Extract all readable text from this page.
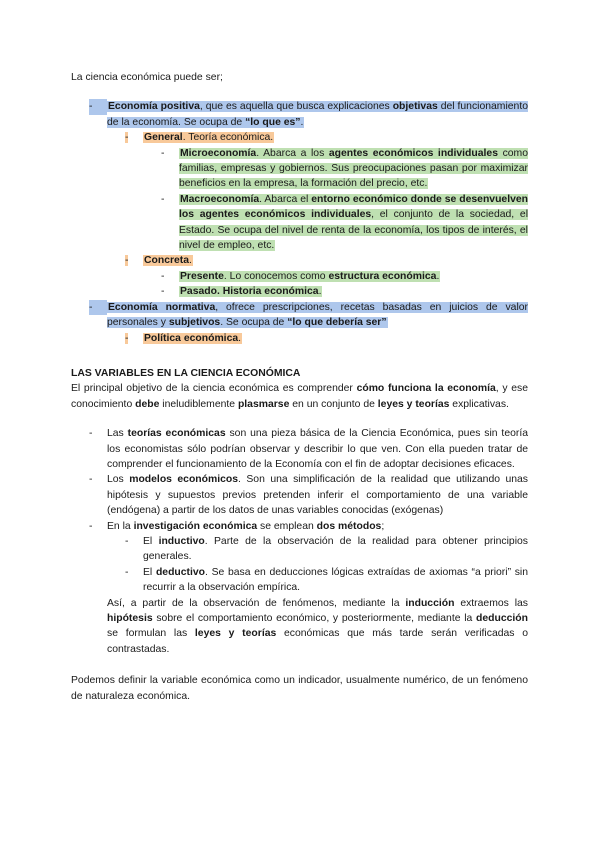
La ciencia económica puede ser;

-	Economía positiva, que es aquella que busca explicaciones objetivas del funcionamiento de la economía. Se ocupa de “lo que es”.
-	General. Teoría económica.
-	Microeconomía. Abarca a los agentes económicos individuales como familias, empresas y gobiernos. Sus preocupaciones pasan por maximizar beneficios en la empresa, la formación del precio, etc.
-	Macroeconomía. Abarca el entorno económico donde se desenvuelven los agentes económicos individuales, el conjunto de la sociedad, el Estado. Se ocupa del nivel de renta de la economía, los tipos de interés, el nivel de empleo, etc.
-	Concreta.
-	Presente. Lo conocemos como estructura económica.
-	Pasado. Historia económica.
-	Economía normativa, ofrece prescripciones, recetas basadas en juicios de valor personales y subjetivos. Se ocupa de “lo que debería ser”
-	Política económica.

LAS VARIABLES EN LA CIENCIA ECONÓMICA

El principal objetivo de la ciencia económica es comprender cómo funciona la economía, y ese conocimiento debe ineludiblemente plasmarse en un conjunto de leyes y teorías explicativas.

-	Las teorías económicas son una pieza básica de la Ciencia Económica, pues sin teoría los economistas sólo podrían observar y describir lo que ven. Con ella pueden tratar de comprender el funcionamiento de la Economía con el fin de adoptar decisiones eficaces.
-	Los modelos económicos. Son una simplificación de la realidad que utilizando unas hipótesis y supuestos previos pretenden inferir el comportamiento de una variable (endógena) a partir de los datos de unas variables conocidas (exógenas)
-	En la investigación económica se emplean dos métodos;
-	El inductivo. Parte de la observación de la realidad para obtener principios generales.
-	El deductivo. Se basa en deducciones lógicas extraídas de axiomas “a priori” sin recurrir a la observación empírica.

Así, a partir de la observación de fenómenos, mediante la inducción extraemos las hipótesis sobre el comportamiento económico, y posteriormente, mediante la deducción se formulan las leyes y teorías económicas que más tarde serán verificadas o contrastadas.

Podemos definir la variable económica como un indicador, usualmente numérico, de un fenómeno de naturaleza económica.
